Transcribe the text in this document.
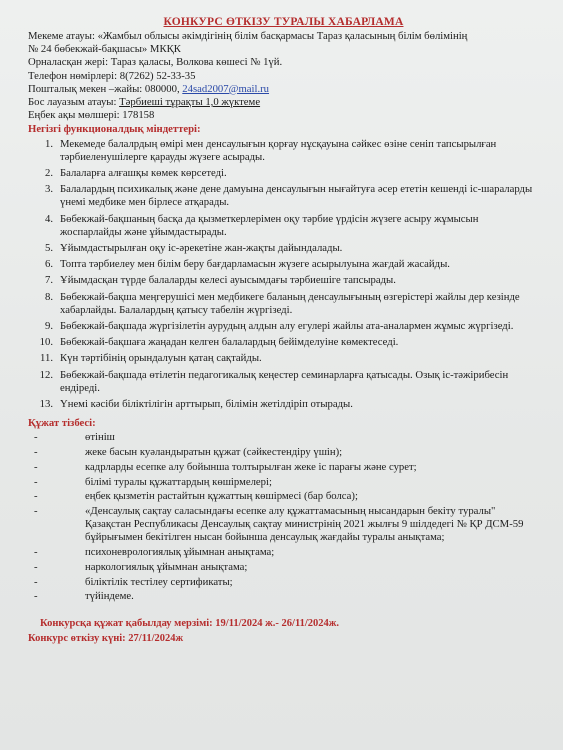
КОНКУРС ӨТКІЗУ ТУРАЛЫ ХАБАРЛАМА

Мекеме атауы: «Жамбыл облысы әкімдігінің білім басқармасы Тараз қаласының білім бөлімінің

№ 24 бөбекжай-бақшасы» МКҚК

Орналасқан жері: Тараз қаласы, Волкова көшесі № 1үй.

Телефон нөмірлері: 8(7262) 52-33-35

Пошталық мекен –жайы: 080000, 24sad2007@mail.ru

Бос лауазым атауы: Тәрбиеші тұрақты 1,0 жүктеме

Еңбек ақы мөлшері: 178158

Негізгі функционалдық міндеттері:
1. Мекемеде балалрдың өмірі мен денсаулығын қорғау нұсқауына сәйкес өзіне сеніп тапсырылған тәрбиеленушілерге қарауды жүзеге асырады.
2. Балаларға алғашқы көмек көрсетеді.
3. Балалардың психикалық және дене дамуына денсаулығын нығайтуға әсер ететін кешенді іс-шараларды үнемі медбике мен бірлесе атқарады.
4. Бөбекжай-бақшаның басқа да қызметкерлерімен оқу тәрбие үрдісін жүзеге асыру жұмысын жоспарлайды және ұйымдастырады.
5. Ұйымдастырылған оқу іс-әрекетіне жан-жақты дайындалады.
6. Топта тәрбиелеу мен білім беру бағдарламасын жүзеге асырылуына жағдай жасайды.
7. Ұйымдасқан түрде балаларды келесі ауысымдағы тәрбиешіге тапсырады.
8. Бөбекжай-бақша меңгерушісі мен медбикеге баланың денсаулығының өзгерістері жайлы дер кезінде хабарлайды. Балалардың қатысу табелін жүргізеді.
9. Бөбекжай-бақшада жүргізілетін аурудың алдын алу егулері жайлы ата-аналармен жұмыс жүргізеді.
10. Бөбекжай-бақшаға жаңадан келген балалардың бейімделуіне көмектеседі.
11. Күн тәртібінің орындалуын қатаң сақтайды.
12. Бөбекжай-бақшада өтілетін педагогикалық кеңестер семинарларға қатысады. Озық іс-тәжірибесін ендіреді.
13. Үнемі кәсіби біліктілігін арттырып, білімін жетілдіріп отырады.
Құжат тізбесі:
-	өтініш
-	жеке басын куәландыратын құжат (сәйкестендіру үшін);
-	кадрларды есепке алу бойынша толтырылған жеке іс парағы және сурет;
-	білімі туралы құжаттардың көшірмелері;
-	еңбек қызметін растайтын құжаттың көшірмесі (бар болса);
-	«Денсаулық сақтау саласындағы есепке алу құжаттамасының нысандарын бекіту туралы" Қазақстан Республикасы Денсаулық сақтау министрінің 2021 жылғы 9 шілдедегі № ҚР ДСМ-59 бұйрығымен бекітілген нысан бойынша денсаулық жағдайы туралы анықтама;
-	психоневрологиялық ұйымнан анықтама;
-	наркологиялық ұйымнан анықтама;
-	біліктілік тестілеу сертификаты;
-	түйіндеме.

Конкурсқа құжат қабылдау мерзімі: 19/11/2024 ж.- 26/11/2024ж.

Конкурс өткізу күні: 27/11/2024ж
